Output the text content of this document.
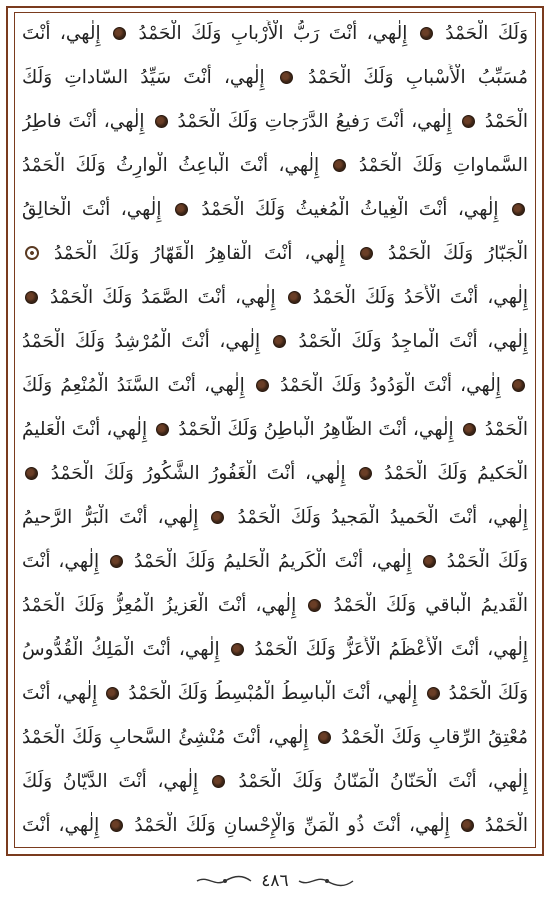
وَلَكَ الْحَمْدُ  إِلٰهي، أَنْتَ رَبُّ الْأَرْبابِ وَلَكَ الْحَمْدُ  إِلٰهي، أَنْتَ
مُسَبِّبُ الْأَسْبابِ وَلَكَ الْحَمْدُ  إِلٰهي، أَنْتَ سَيِّدُ السّاداتِ وَلَكَ
الْحَمْدُ  إِلٰهي، أَنْتَ رَفيعُ الدَّرَجاتِ وَلَكَ الْحَمْدُ  إِلٰهي، أَنْتَ فاطِرُ
السَّماواتِ وَلَكَ الْحَمْدُ  إِلٰهي، أَنْتَ الْباعِثُ الْوارِثُ وَلَكَ الْحَمْدُ
إِلٰهي، أَنْتَ الْغِياثُ الْمُغيثُ وَلَكَ الْحَمْدُ  إِلٰهي، أَنْتَ الْخالِقُ
الْجَبّارُ وَلَكَ الْحَمْدُ  إِلٰهي، أَنْتَ الْقاهِرُ الْقَهّارُ وَلَكَ الْحَمْدُ
إِلٰهي، أَنْتَ الْأَحَدُ وَلَكَ الْحَمْدُ  إِلٰهي، أَنْتَ الصَّمَدُ وَلَكَ الْحَمْدُ
إِلٰهي، أَنْتَ الْماجِدُ وَلَكَ الْحَمْدُ  إِلٰهي، أَنْتَ الْمُرْشِدُ وَلَكَ الْحَمْدُ
إِلٰهي، أَنْتَ الْوَدُودُ وَلَكَ الْحَمْدُ  إِلٰهي، أَنْتَ السَّنَدُ الْمُنْعِمُ وَلَكَ
الْحَمْدُ  إِلٰهي، أَنْتَ الظّاهِرُ الْباطِنُ وَلَكَ الْحَمْدُ  إِلٰهي، أَنْتَ الْعَليمُ
الْحَكيمُ وَلَكَ الْحَمْدُ  إِلٰهي، أَنْتَ الْغَفُورُ الشَّكُورُ وَلَكَ الْحَمْدُ
إِلٰهي، أَنْتَ الْحَميدُ الْمَجيدُ وَلَكَ الْحَمْدُ  إِلٰهي، أَنْتَ الْبَرُّ الرَّحيمُ
وَلَكَ الْحَمْدُ  إِلٰهي، أَنْتَ الْكَريمُ الْحَليمُ وَلَكَ الْحَمْدُ  إِلٰهي، أَنْتَ
الْقَديمُ الْباقي وَلَكَ الْحَمْدُ  إِلٰهي، أَنْتَ الْعَزيزُ الْمُعِزُّ وَلَكَ الْحَمْدُ
إِلٰهي، أَنْتَ الْأَعْظَمُ الْأَعَزُّ وَلَكَ الْحَمْدُ  إِلٰهي، أَنْتَ الْمَلِكُ الْقُدُّوسُ
وَلَكَ الْحَمْدُ  إِلٰهي، أَنْتَ الْباسِطُ الْمُبْسِطُ وَلَكَ الْحَمْدُ  إِلٰهي، أَنْتَ
مُعْتِقُ الرِّقابِ وَلَكَ الْحَمْدُ  إِلٰهي، أَنْتَ مُنْشِئُ السَّحابِ وَلَكَ الْحَمْدُ
إِلٰهي، أَنْتَ الْحَنّانُ الْمَنّانُ وَلَكَ الْحَمْدُ  إِلٰهي، أَنْتَ الدَّيّانُ وَلَكَ
الْحَمْدُ  إِلٰهي، أَنْتَ ذُو الْمَنِّ وَالْإِحْسانِ وَلَكَ الْحَمْدُ  إِلٰهي، أَنْتَ
٤٨٦
